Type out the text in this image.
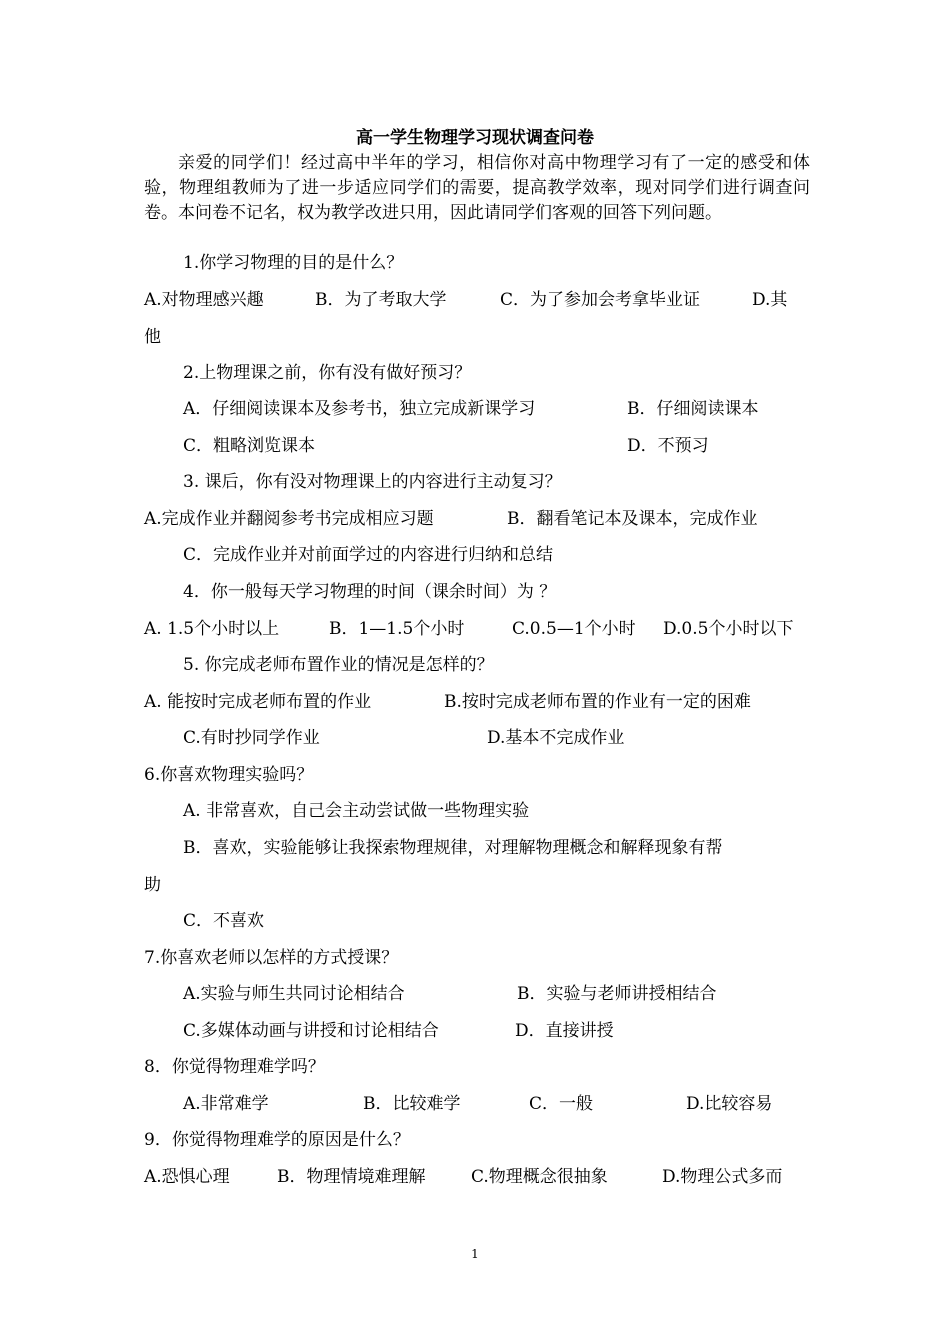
高一学生物理学习现状调查问卷
亲爱的同学们！经过高中半年的学习，相信你对高中物理学习有了一定的感受和体验，物理组教师为了进一步适应同学们的需要，提高教学效率，现对同学们进行调查问卷。本问卷不记名，权为教学改进只用，因此请同学们客观的回答下列问题。
1.你学习物理的目的是什么？
A.对物理感兴趣	B．为了考取大学	C．为了参加会考拿毕业证	D.其
他
2.上物理课之前，你有没有做好预习？
A．仔细阅读课本及参考书，独立完成新课学习	B．仔细阅读课本
C．粗略浏览课本	D．不预习
3. 课后，你有没对物理课上的内容进行主动复习？
A.完成作业并翻阅参考书完成相应习题	B．翻看笔记本及课本，完成作业
C．完成作业并对前面学过的内容进行归纳和总结
4．你一般每天学习物理的时间（课余时间）为 ？
A. 1.5个小时以上	B．1—1.5个小时	C.0.5—1个小时 D.0.5个小时以下
5. 你完成老师布置作业的情况是怎样的？
A. 能按时完成老师布置的作业	B.按时完成老师布置的作业有一定的困难
C.有时抄同学作业	D.基本不完成作业
6.你喜欢物理实验吗？
A. 非常喜欢，自己会主动尝试做一些物理实验
B．喜欢，实验能够让我探索物理规律，对理解物理概念和解释现象有帮
助
C．不喜欢
7.你喜欢老师以怎样的方式授课？
A.实验与师生共同讨论相结合	B．实验与老师讲授相结合
C.多媒体动画与讲授和讨论相结合	D．直接讲授
8．你觉得物理难学吗？
A.非常难学	B．比较难学	C．一般	D.比较容易
9．你觉得物理难学的原因是什么？
A.恐惧心理	B．物理情境难理解	C.物理概念很抽象	D.物理公式多而
1
